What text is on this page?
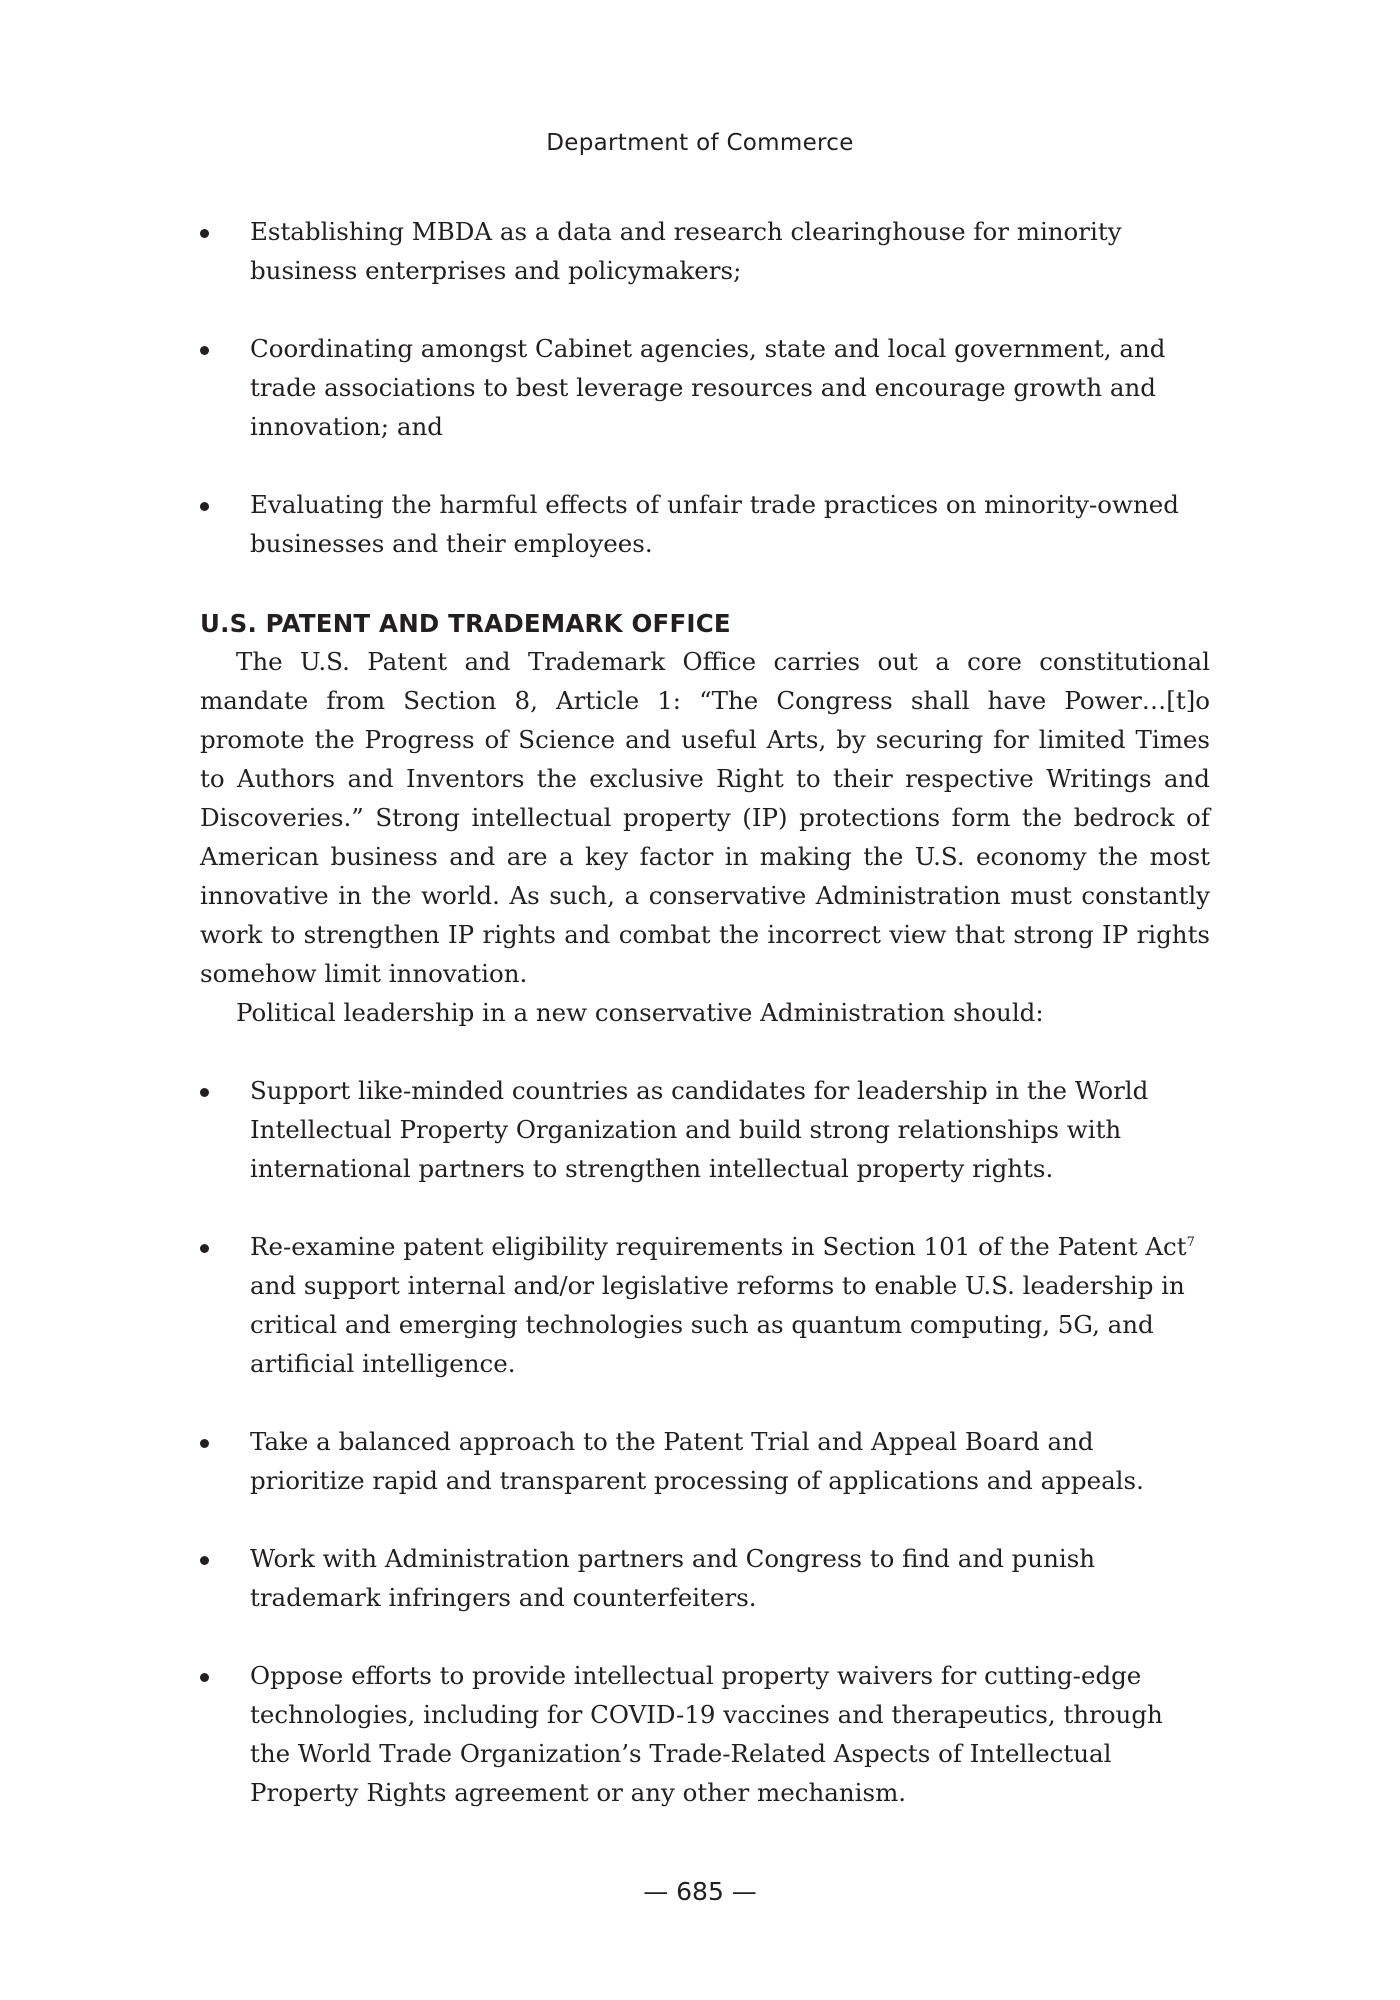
Department of Commerce
Establishing MBDA as a data and research clearinghouse for minority business enterprises and policymakers;
Coordinating amongst Cabinet agencies, state and local government, and trade associations to best leverage resources and encourage growth and innovation; and
Evaluating the harmful effects of unfair trade practices on minority-owned businesses and their employees.
U.S. PATENT AND TRADEMARK OFFICE

The U.S. Patent and Trademark Office carries out a core constitutional mandate from Section 8, Article 1: “The Congress shall have Power…[t]o promote the Progress of Science and useful Arts, by securing for limited Times to Authors and Inventors the exclusive Right to their respective Writings and Discoveries.” Strong intellectual property (IP) protections form the bedrock of American business and are a key factor in making the U.S. economy the most innovative in the world. As such, a conservative Administration must constantly work to strengthen IP rights and combat the incorrect view that strong IP rights somehow limit innovation.

Political leadership in a new conservative Administration should:

Support like-minded countries as candidates for leadership in the World Intellectual Property Organization and build strong relationships with international partners to strengthen intellectual property rights.
Re-examine patent eligibility requirements in Section 101 of the Patent Act$^7$ and support internal and/or legislative reforms to enable U.S. leadership in critical and emerging technologies such as quantum computing, 5G, and artificial intelligence.
Take a balanced approach to the Patent Trial and Appeal Board and prioritize rapid and transparent processing of applications and appeals.
Work with Administration partners and Congress to find and punish trademark infringers and counterfeiters.
Oppose efforts to provide intellectual property waivers for cutting-edge technologies, including for COVID-19 vaccines and therapeutics, through the World Trade Organization’s Trade-Related Aspects of Intellectual Property Rights agreement or any other mechanism.
— 685 —
